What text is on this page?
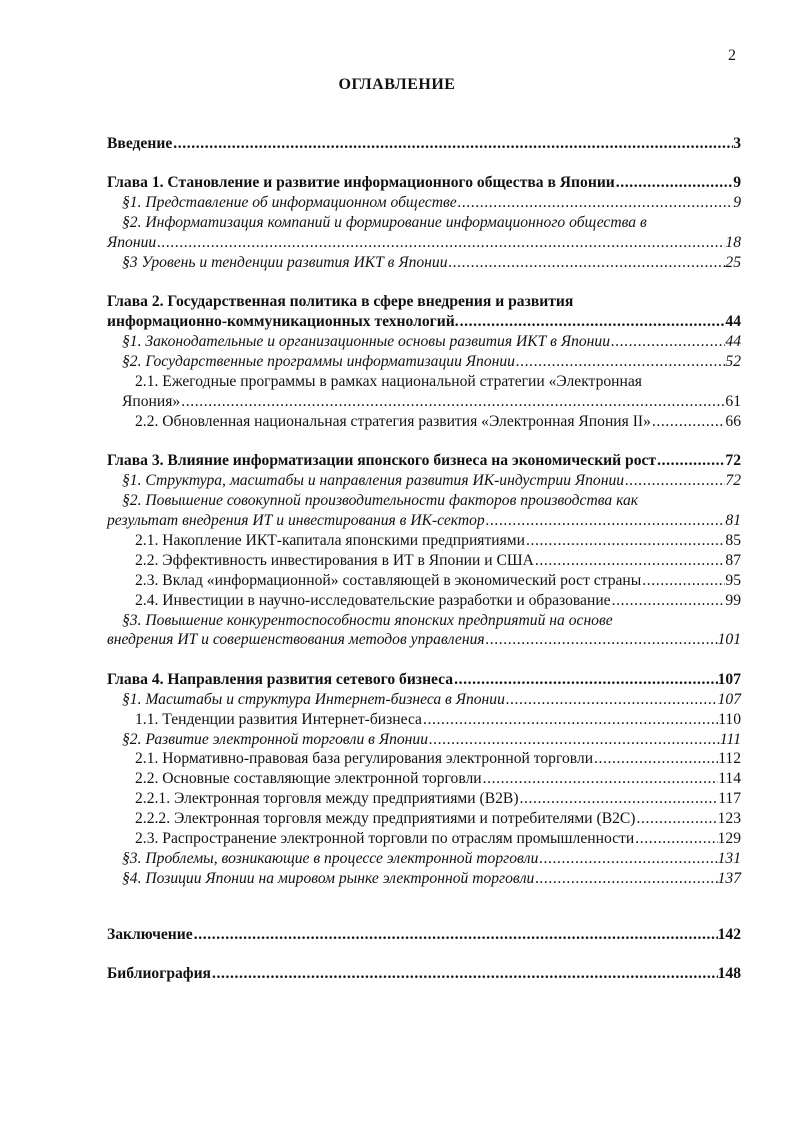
2
ОГЛАВЛЕНИЕ
Введение .....	3
Глава 1. Становление и развитие информационного общества в Японии .....	9
§1. Представление об информационном обществе .....	9
§2. Информатизация компаний и формирование информационного общества в
Японии .....	18
§3 Уровень и тенденции развития ИКТ в Японии .....	25
Глава 2. Государственная политика в сфере внедрения и развития
информационно-коммуникационных технологий. .....	44
§1. Законодательные и организационные основы развития ИКТ в Японии .....	44
§2. Государственные программы информатизации Японии .....	52
2.1. Ежегодные программы в рамках национальной стратегии «Электронная
Япония» .....	61
2.2. Обновленная национальная стратегия развития «Электронная Япония II» .....	66
Глава 3. Влияние информатизации японского бизнеса на экономический рост .....	72
§1. Структура, масштабы и направления развития ИК-индустрии Японии .....	72
§2. Повышение совокупной производительности факторов производства как
результат внедрения ИТ и инвестирования в ИК-сектор .....	81
2.1. Накопление ИКТ-капитала японскими предприятиями .....	85
2.2. Эффективность инвестирования в ИТ в Японии и США .....	87
2.3. Вклад «информационной» составляющей в экономический рост страны .....	95
2.4. Инвестиции в научно-исследовательские разработки и образование .....	99
§3. Повышение конкурентоспособности японских предприятий на основе
внедрения ИТ и совершенствования методов управления .....	101
Глава 4. Направления развития сетевого бизнеса .....	107
§1. Масштабы и структура Интернет-бизнеса в Японии .....	107
1.1. Тенденции развития Интернет-бизнеса .....	110
§2. Развитие электронной торговли в Японии .....	111
2.1. Нормативно-правовая база регулирования электронной торговли .....	112
2.2. Основные составляющие электронной торговли .....	114
2.2.1. Электронная торговля между предприятиями (B2B) .....	117
2.2.2. Электронная торговля между предприятиями и потребителями (B2C) .....	123
2.3. Распространение электронной торговли по отраслям промышленности .....	129
§3. Проблемы, возникающие в процессе электронной торговли .....	131
§4. Позиции Японии на мировом рынке электронной торговли .....	137
Заключение .....	142
Библиография .....	148
